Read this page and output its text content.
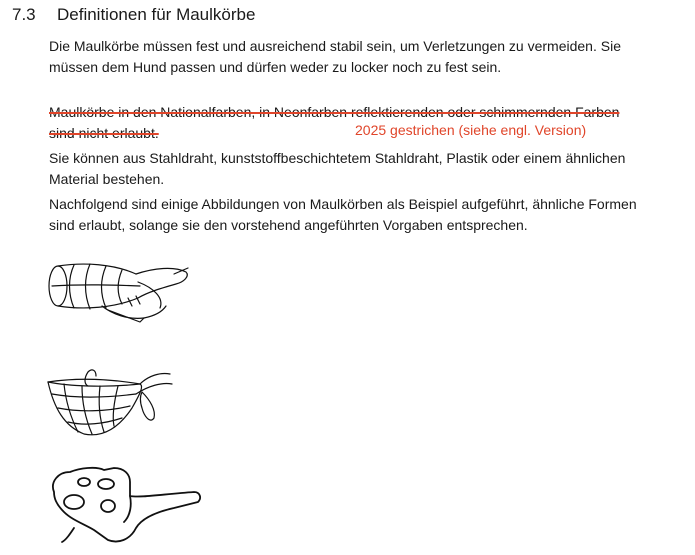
7.3 Definitionen für Maulkörbe

Die Maulkörbe müssen fest und ausreichend stabil sein, um Verletzungen zu vermeiden. Sie müssen dem Hund passen und dürfen weder zu locker noch zu fest sein.

Maulkörbe in den Nationalfarben, in Neonfarben reflektierenden oder schimmernden Farben sind nicht erlaubt.	2025 gestrichen (siehe engl. Version)

Sie können aus Stahldraht, kunststoffbeschichtetem Stahldraht, Plastik oder einem ähnlichen Material bestehen.

Nachfolgend sind einige Abbildungen von Maulkörben als Beispiel aufgeführt, ähnliche Formen sind erlaubt, solange sie den vorstehend angeführten Vorgaben entsprechen.
